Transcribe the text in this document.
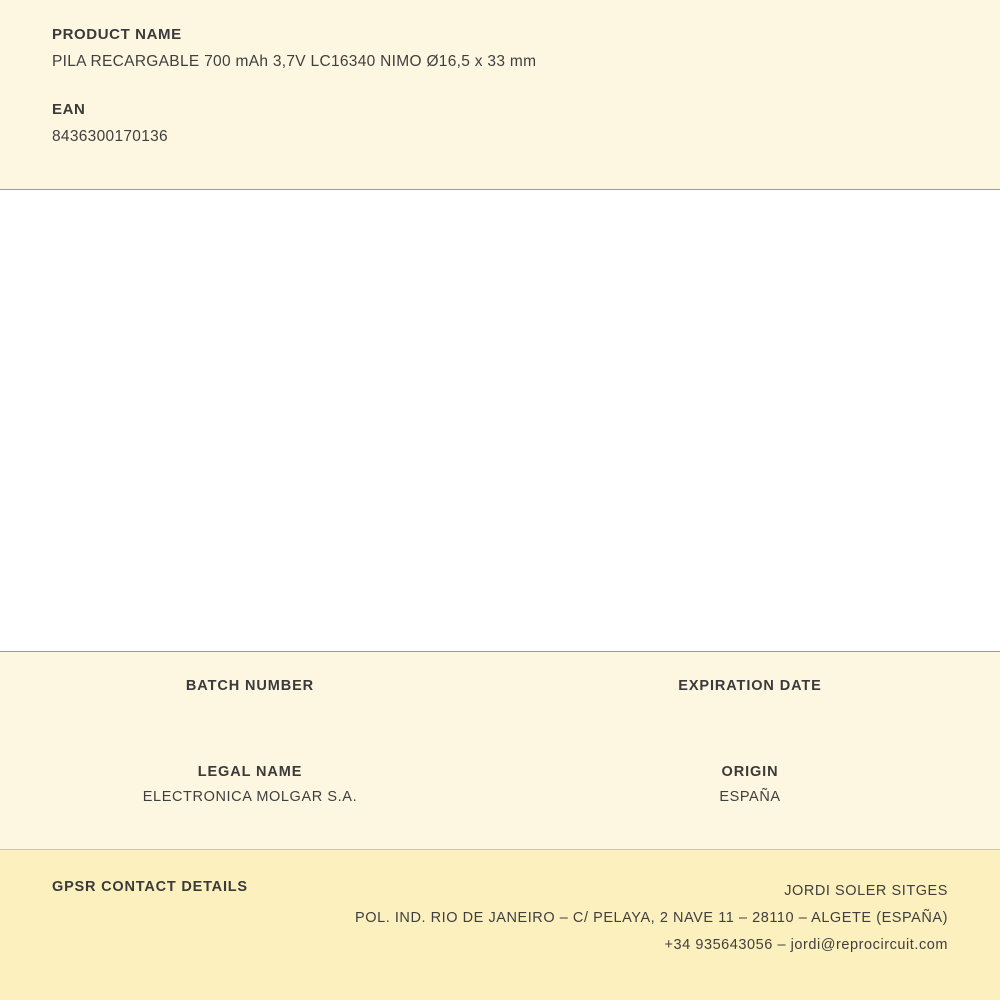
PRODUCT NAME
PILA RECARGABLE 700 mAh 3,7V LC16340 NIMO Ø16,5 x 33 mm
EAN
8436300170136
BATCH NUMBER	EXPIRATION DATE
LEGAL NAME
ELECTRONICA MOLGAR S.A.
ORIGIN
ESPAÑA
GPSR CONTACT DETAILS	JORDI SOLER SITGES
POL. IND. RIO DE JANEIRO – C/ PELAYA, 2 NAVE 11 – 28110 – ALGETE (ESPAÑA)
+34 935643056 – jordi@reprocircuit.com
